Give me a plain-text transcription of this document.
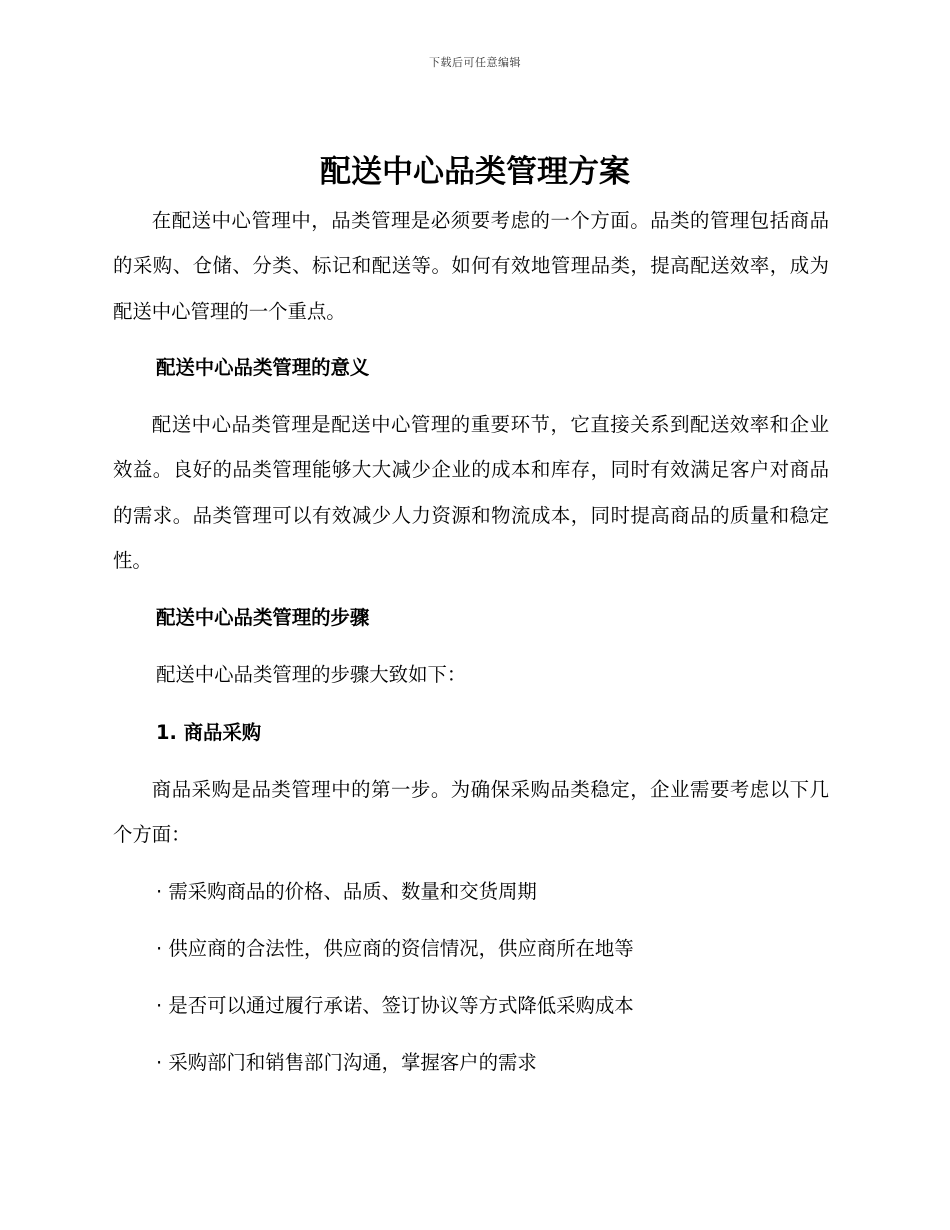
下载后可任意编辑
配送中心品类管理方案

在配送中心管理中，品类管理是必须要考虑的一个方面。品类的管理包括商品的采购、仓储、分类、标记和配送等。如何有效地管理品类，提高配送效率，成为配送中心管理的一个重点。

配送中心品类管理的意义

配送中心品类管理是配送中心管理的重要环节，它直接关系到配送效率和企业效益。良好的品类管理能够大大减少企业的成本和库存，同时有效满足客户对商品的需求。品类管理可以有效减少人力资源和物流成本，同时提高商品的质量和稳定性。

配送中心品类管理的步骤

配送中心品类管理的步骤大致如下：

1. 商品采购

商品采购是品类管理中的第一步。为确保采购品类稳定，企业需要考虑以下几个方面：

· 需采购商品的价格、品质、数量和交货周期

· 供应商的合法性，供应商的资信情况，供应商所在地等

· 是否可以通过履行承诺、签订协议等方式降低采购成本

· 采购部门和销售部门沟通，掌握客户的需求
